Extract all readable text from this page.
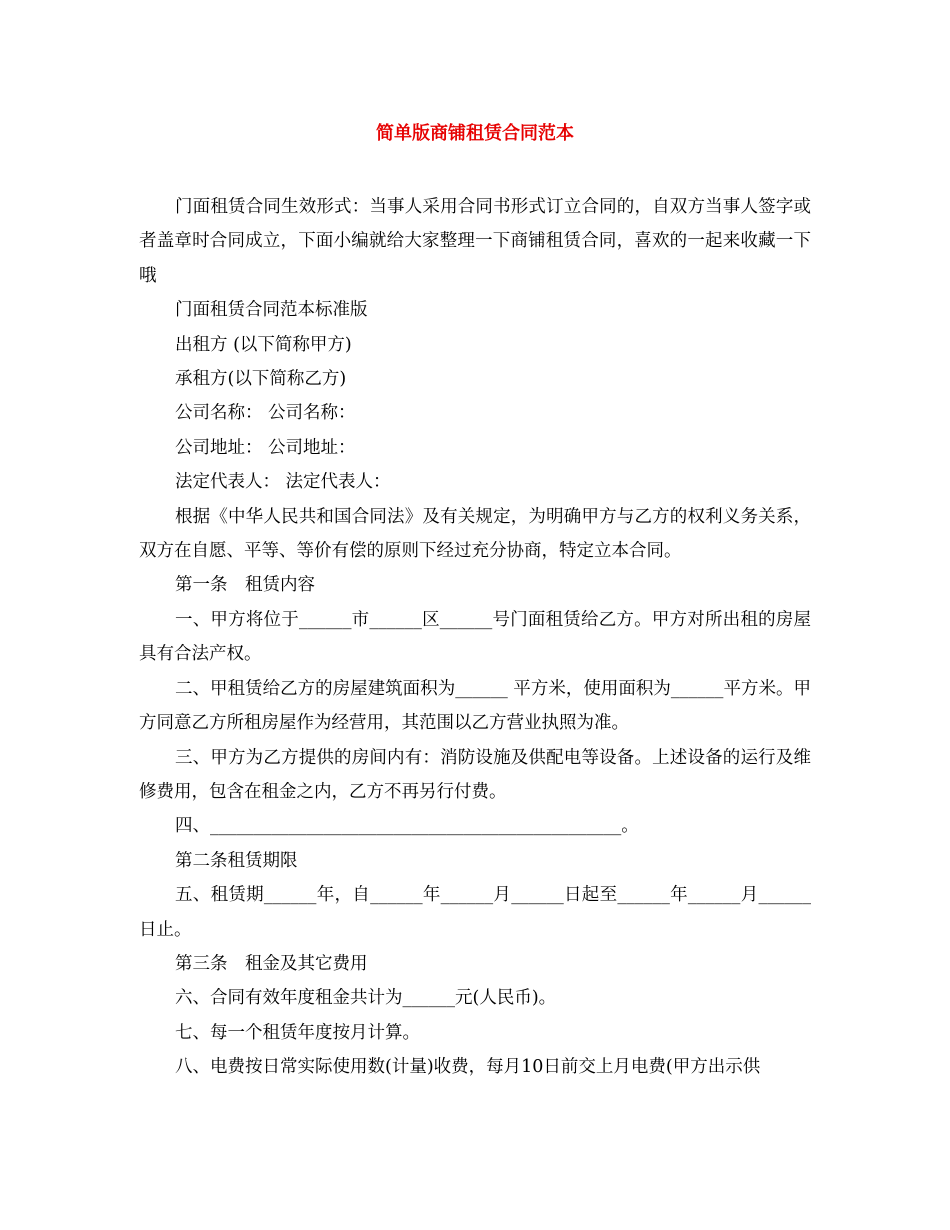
简单版商铺租赁合同范本

门面租赁合同生效形式：当事人采用合同书形式订立合同的，自双方当事人签字或者盖章时合同成立，下面小编就给大家整理一下商铺租赁合同，喜欢的一起来收藏一下哦

门面租赁合同范本标准版

出租方 (以下简称甲方)

承租方(以下简称乙方)

公司名称： 公司名称：

公司地址： 公司地址：

法定代表人： 法定代表人：

根据《中华人民共和国合同法》及有关规定，为明确甲方与乙方的权利义务关系，双方在自愿、平等、等价有偿的原则下经过充分协商，特定立本合同。

第一条　租赁内容

一、甲方将位于______市______区______号门面租赁给乙方。甲方对所出租的房屋具有合法产权。

二、甲租赁给乙方的房屋建筑面积为______ 平方米，使用面积为______平方米。甲方同意乙方所租房屋作为经营用，其范围以乙方营业执照为准。

三、甲方为乙方提供的房间内有：消防设施及供配电等设备。上述设备的运行及维修费用，包含在租金之内，乙方不再另行付费。

四、_______________________________________________。

第二条租赁期限

五、租赁期______年，自______年______月______日起至______年______月______日止。

第三条　租金及其它费用

六、合同有效年度租金共计为______元(人民币)。

七、每一个租赁年度按月计算。

八、电费按日常实际使用数(计量)收费，每月10日前交上月电费(甲方出示供
